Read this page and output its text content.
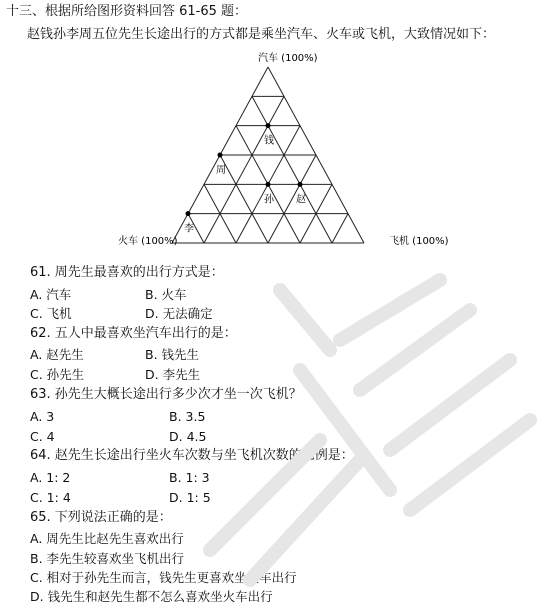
十三、根据所给图形资料回答 61-65 题：
赵钱孙李周五位先生长途出行的方式都是乘坐汽车、火车或飞机，大致情况如下：
钱
周
孙 赵
李
汽车 (100%)
火车 (100%)	飞机 (100%)
61. 周先生最喜欢的出行方式是：
A. 汽车	B. 火车
C. 飞机	D. 无法确定
62. 五人中最喜欢坐汽车出行的是：
A. 赵先生	B. 钱先生
C. 孙先生	D. 李先生
63. 孙先生大概长途出行多少次才坐一次飞机？
A. 3	B. 3.5
C. 4	D. 4.5
64. 赵先生长途出行坐火车次数与坐飞机次数的比例是：
A. 1: 2	B. 1: 3
C. 1: 4	D. 1: 5
65. 下列说法正确的是：
A. 周先生比赵先生喜欢出行
B. 李先生较喜欢坐飞机出行
C. 相对于孙先生而言，钱先生更喜欢坐火车出行
D. 钱先生和赵先生都不怎么喜欢坐火车出行
